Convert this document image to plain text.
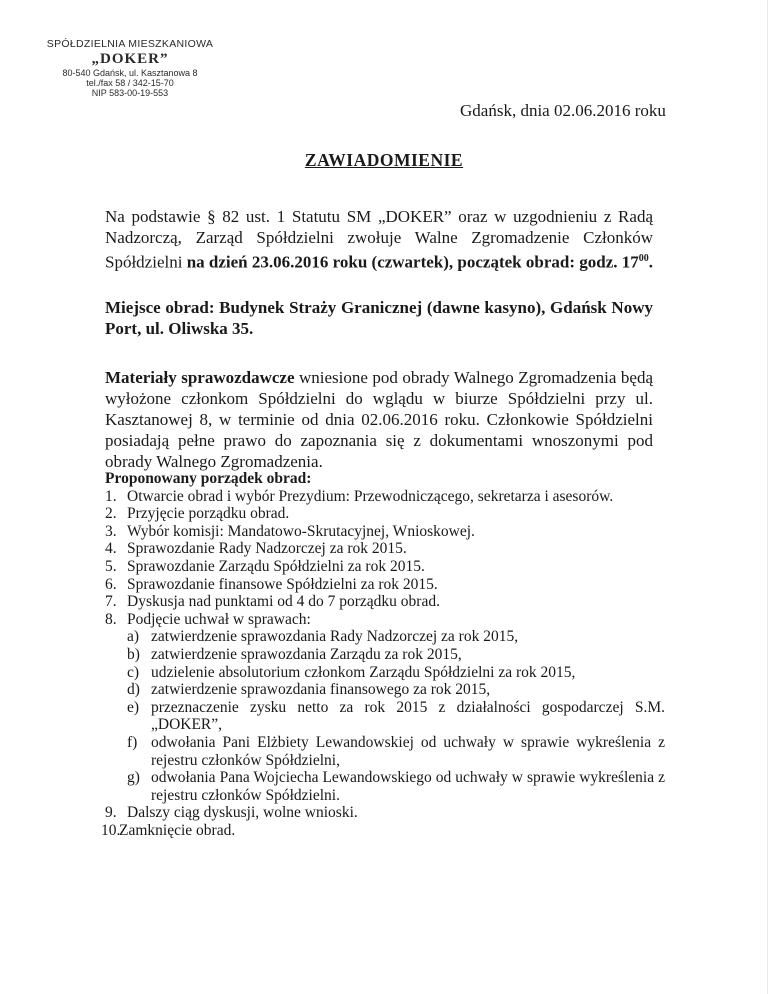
SPÓŁDZIELNIA MIESZKANIOWA
„DOKER”
80-540 Gdańsk, ul. Kasztanowa 8
tel./fax 58 / 342-15-70
NIP 583-00-19-553
Gdańsk, dnia 02.06.2016 roku
ZAWIADOMIENIE
Na podstawie § 82 ust. 1 Statutu SM „DOKER” oraz w uzgodnieniu z Radą Nadzorczą, Zarząd Spółdzielni zwołuje Walne Zgromadzenie Członków Spółdzielni na dzień 23.06.2016 roku (czwartek), początek obrad: godz. $17^{00}$.
Miejsce obrad: Budynek Straży Granicznej (dawne kasyno), Gdańsk Nowy Port, ul. Oliwska 35.
Materiały sprawozdawcze wniesione pod obrady Walnego Zgromadzenia będą wyłożone członkom Spółdzielni do wglądu w biurze Spółdzielni przy ul. Kasztanowej 8, w terminie od dnia 02.06.2016 roku. Członkowie Spółdzielni posiadają pełne prawo do zapoznania się z dokumentami wnoszonymi pod obrady Walnego Zgromadzenia.
Proponowany porządek obrad:
1. Otwarcie obrad i wybór Prezydium: Przewodniczącego, sekretarza i asesorów.
2. Przyjęcie porządku obrad.
3. Wybór komisji: Mandatowo-Skrutacyjnej, Wnioskowej.
4. Sprawozdanie Rady Nadzorczej za rok 2015.
5. Sprawozdanie Zarządu Spółdzielni za rok 2015.
6. Sprawozdanie finansowe Spółdzielni za rok 2015.
7. Dyskusja nad punktami od 4 do 7 porządku obrad.
8. Podjęcie uchwał w sprawach:
a) zatwierdzenie sprawozdania Rady Nadzorczej za rok 2015,
b) zatwierdzenie sprawozdania Zarządu za rok 2015,
c) udzielenie absolutorium członkom Zarządu Spółdzielni za rok 2015,
d) zatwierdzenie sprawozdania finansowego za rok 2015,
e) przeznaczenie zysku netto za rok 2015 z działalności gospodarczej S.M. „DOKER”,
f) odwołania Pani Elżbiety Lewandowskiej od uchwały w sprawie wykreślenia z rejestru członków Spółdzielni,
g) odwołania Pana Wojciecha Lewandowskiego od uchwały w sprawie wykreślenia z rejestru członków Spółdzielni.
9. Dalszy ciąg dyskusji, wolne wnioski.
10.
Zamknięcie obrad.
